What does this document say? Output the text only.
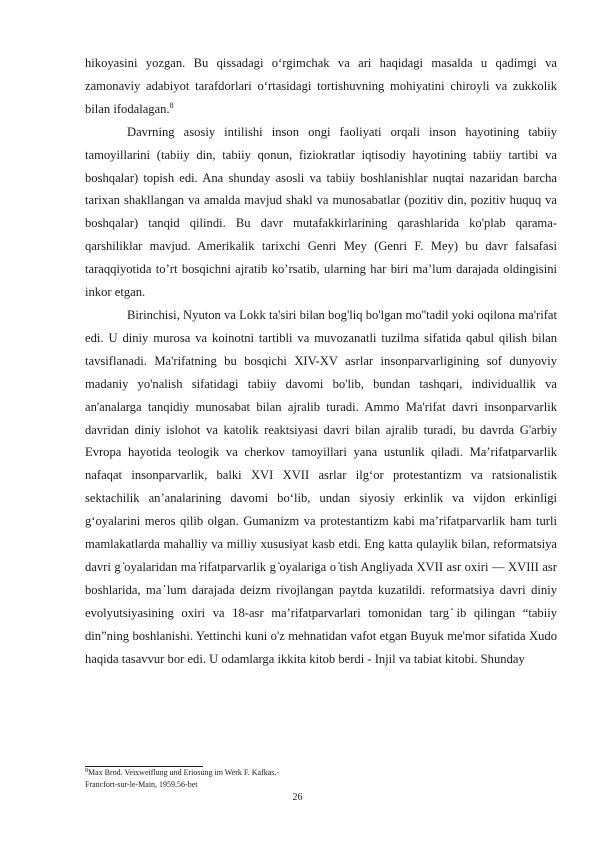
hikoyasini yozgan. Bu qissadagi o‘rgimchak va ari haqidagi masalda u qadimgi va zamonaviy adabiyot tarafdorlari o‘rtasidagi tortishuvning mohiyatini chiroyli va zukkolik bilan ifodalagan.$^8$

Davrning asosiy intilishi inson ongi faoliyati orqali inson hayotining tabiiy tamoyillarini (tabiiy din, tabiiy qonun, fiziokratlar iqtisodiy hayotining tabiiy tartibi va boshqalar) topish edi. Ana shunday asosli va tabiiy boshlanishlar nuqtai nazaridan barcha tarixan shakllangan va amalda mavjud shakl va munosabatlar (pozitiv din, pozitiv huquq va boshqalar) tanqid qilindi. Bu davr mutafakkirlarining qarashlarida ko'plab qarama-qarshiliklar mavjud. Amerikalik tarixchi Genri Mey (Genri F. Mey) bu davr falsafasi taraqqiyotida to’rt bosqichni ajratib ko’rsatib, ularning har biri ma’lum darajada oldingisini inkor etgan.

Birinchisi, Nyuton va Lokk ta'siri bilan bog'liq bo'lgan mo''tadil yoki oqilona ma'rifat edi. U diniy murosa va koinotni tartibli va muvozanatli tuzilma sifatida qabul qilish bilan tavsiflanadi. Ma'rifatning bu bosqichi XIV-XV asrlar insonparvarligining sof dunyoviy madaniy yo'nalish sifatidagi tabiiy davomi bo'lib, bundan tashqari, individuallik va an'analarga tanqidiy munosabat bilan ajralib turadi. Ammo Ma'rifat davri insonparvarlik davridan diniy islohot va katolik reaktsiyasi davri bilan ajralib turadi, bu davrda G'arbiy Evropa hayotida teologik va cherkov tamoyillari yana ustunlik qiladi. Ma’rifatparvarlik nafaqat insonparvarlik, balki XVI XVII asrlar ilg‘or protestantizm va ratsionalistik sektachilik an’analarining davomi bo‘lib, undan siyosiy erkinlik va vijdon erkinligi g‘oyalarini meros qilib olgan. Gumanizm va protestantizm kabi ma’rifatparvarlik ham turli mamlakatlarda mahalliy va milliy xususiyat kasb etdi. Eng katta qulaylik bilan, reformatsiya davri g ̒oyalaridan ma ̓rifatparvarlik g ̒oyalariga o ̒tish Angliyada XVII asr oxiri — XVIII asr boshlarida, ma ̓lum darajada deizm rivojlangan paytda kuzatildi. reformatsiya davri diniy evolyutsiyasining oxiri va 18-asr ma’rifatparvarlari tomonidan targ ̒ib qilingan “tabiiy din”ning boshlanishi. Yettinchi kuni o'z mehnatidan vafot etgan Buyuk me'mor sifatida Xudo haqida tasavvur bor edi. U odamlarga ikkita kitob berdi - Injil va tabiat kitobi. Shunday

$^8$Max Brod. Veixweiflung und Eriosung im Werk F. Kafkas.-
Francfort-sur-le-Main, 1959.56-bet
26
